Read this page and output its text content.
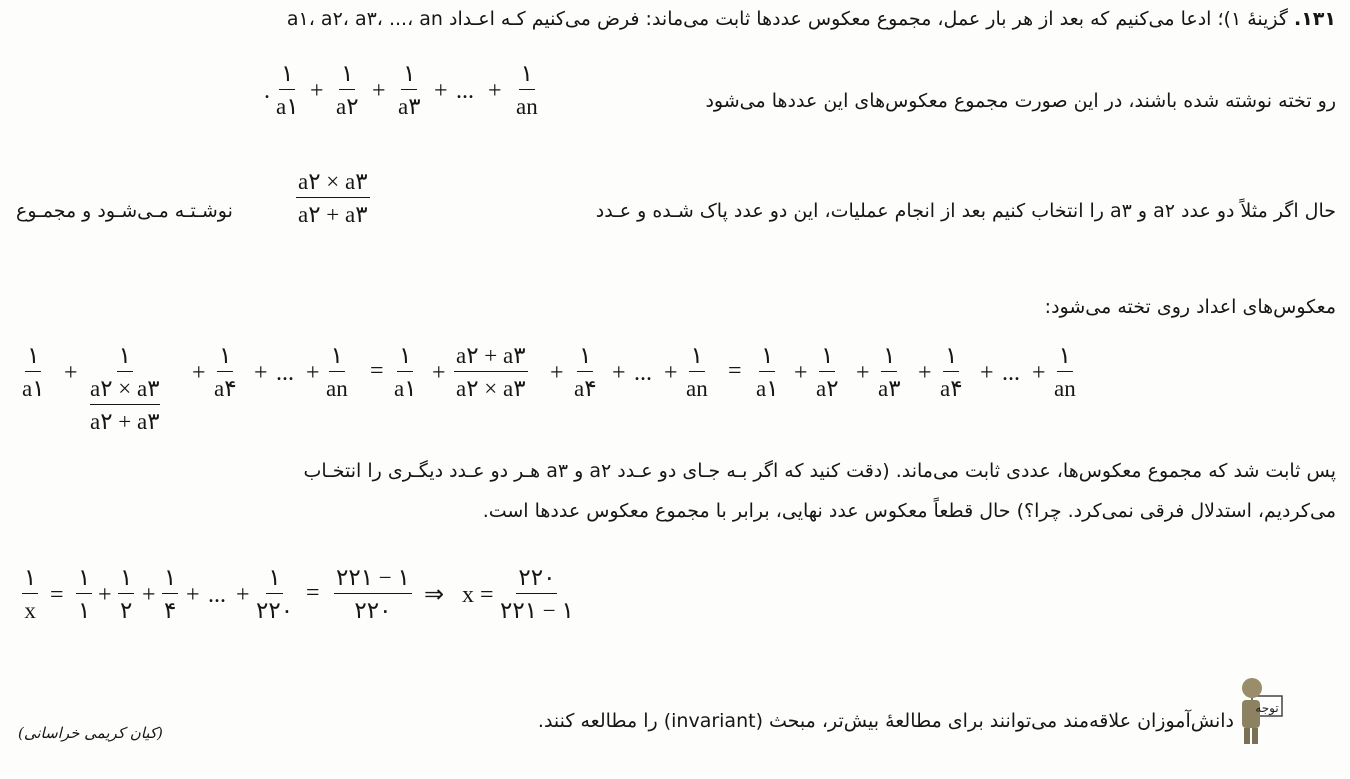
۱۳۱. گزینهٔ ۱)؛ ادعا می‌کنیم که بعد از هر بار عمل، مجموع معکوس عددها ثابت می‌ماند: فرض می‌کنیم کـه اعـداد a۱، a۲، a۳، ...، an
رو تخته نوشته شده باشند، در این صورت مجموع معکوس‌های این عددها می‌شود
۱
a۱
+
۱
a۲
+
۱
a۳
+ ... +
۱
an
.
حال اگر مثلاً دو عدد a۲ و a۳ را انتخاب کنیم بعد از انجام عملیات، این دو عدد پاک شـده و عـدد
$\frac{a۲ \times a۳}{a۲ + a۳}$
نوشـتـه مـی‌شـود و مجمـوع
معکوس‌های اعداد روی تخته می‌شود:
۱
a۱
+
۱
a۲ × a۳
a۲ + a۳
+
۱
a۴
+ ... +
۱
an
=
۱
a۱
+ $\frac{a۲ + a۳}{a۲ \times a۳}$ +
۱
a۴
+ ... +
۱
an
=
۱
a۱
+
۱
a۲
+
۱
a۳
+
۱
a۴
+ ... +
۱
an
پس ثابت شد که مجموع معکوس‌ها، عددی ثابت می‌ماند. (دقت کنید که اگر بـه جـای دو عـدد a۲ و a۳ هـر دو عـدد دیگـری را انتخـاب
می‌کردیم، استدلال فرقی نمی‌کرد. چرا؟) حال قطعاً معکوس عدد نهایی، برابر با مجموع معکوس عددها است.
۱
x
=
۱
۱
+
۱
۲
+
۱
۴
+ ... +
۱
۲۲۰
=
۲۲۱ − ۱
۲۲۰
⇒ x =
۲۲۰
۲۲۱ − ۱
دانش‌آموزان علاقه‌مند می‌توانند برای مطالعهٔ بیش‌تر، مبحث (invariant) را مطالعه کنند.
توجه
(کیان کریمی خراسانی)
